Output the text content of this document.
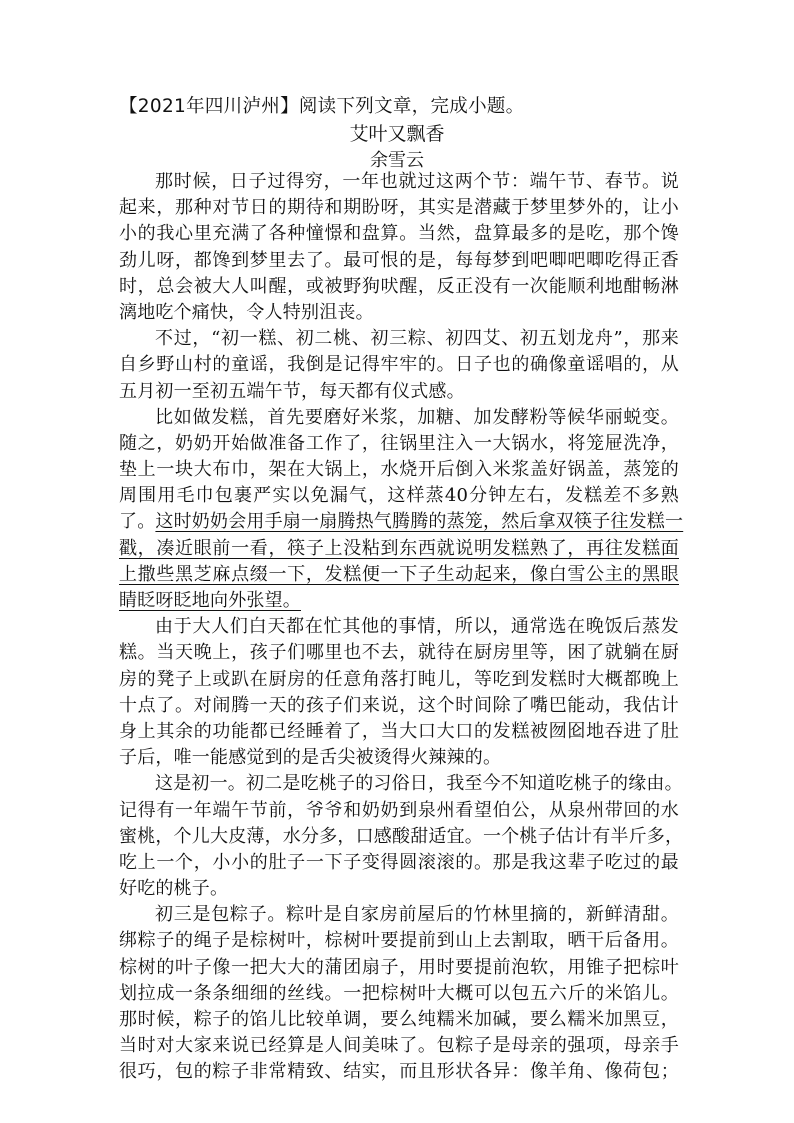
【2021年四川泸州】阅读下列文章，完成小题。
艾叶又飘香
余雪云
那时候，日子过得穷，一年也就过这两个节：端午节、春节。说
起来，那种对节日的期待和期盼呀，其实是潜藏于梦里梦外的，让小
小的我心里充满了各种憧憬和盘算。当然，盘算最多的是吃，那个馋
劲儿呀，都馋到梦里去了。最可恨的是，每每梦到吧唧吧唧吃得正香
时，总会被大人叫醒，或被野狗吠醒，反正没有一次能顺利地酣畅淋
漓地吃个痛快，令人特别沮丧。
不过，“初一糕、初二桃、初三粽、初四艾、初五划龙舟”，那来
自乡野山村的童谣，我倒是记得牢牢的。日子也的确像童谣唱的，从
五月初一至初五端午节，每天都有仪式感。
比如做发糕，首先要磨好米浆，加糖、加发酵粉等候华丽蜕变。
随之，奶奶开始做准备工作了，往锅里注入一大锅水，将笼屉洗净，
垫上一块大布巾，架在大锅上，水烧开后倒入米浆盖好锅盖，蒸笼的
周围用毛巾包裹严实以免漏气，这样蒸40分钟左右，发糕差不多熟
了。这时奶奶会用手扇一扇腾热气腾腾的蒸笼，然后拿双筷子往发糕一
戳，凑近眼前一看，筷子上没粘到东西就说明发糕熟了，再往发糕面
上撒些黑芝麻点缀一下，发糕便一下子生动起来，像白雪公主的黑眼
睛眨呀眨地向外张望。
由于大人们白天都在忙其他的事情，所以，通常选在晚饭后蒸发
糕。当天晚上，孩子们哪里也不去，就待在厨房里等，困了就躺在厨
房的凳子上或趴在厨房的任意角落打盹儿，等吃到发糕时大概都晚上
十点了。对闹腾一天的孩子们来说，这个时间除了嘴巴能动，我估计
身上其余的功能都已经睡着了，当大口大口的发糕被囫囵地吞进了肚
子后，唯一能感觉到的是舌尖被烫得火辣辣的。
这是初一。初二是吃桃子的习俗日，我至今不知道吃桃子的缘由。
记得有一年端午节前，爷爷和奶奶到泉州看望伯公，从泉州带回的水
蜜桃，个儿大皮薄，水分多，口感酸甜适宜。一个桃子估计有半斤多，
吃上一个，小小的肚子一下子变得圆滚滚的。那是我这辈子吃过的最
好吃的桃子。
初三是包粽子。粽叶是自家房前屋后的竹林里摘的，新鲜清甜。
绑粽子的绳子是棕树叶，棕树叶要提前到山上去割取，晒干后备用。
棕树的叶子像一把大大的蒲团扇子，用时要提前泡软，用锥子把棕叶
划拉成一条条细细的丝线。一把棕树叶大概可以包五六斤的米馅儿。
那时候，粽子的馅儿比较单调，要么纯糯米加碱，要么糯米加黑豆，
当时对大家来说已经算是人间美味了。包粽子是母亲的强项，母亲手
很巧，包的粽子非常精致、结实，而且形状各异：像羊角、像荷包；
